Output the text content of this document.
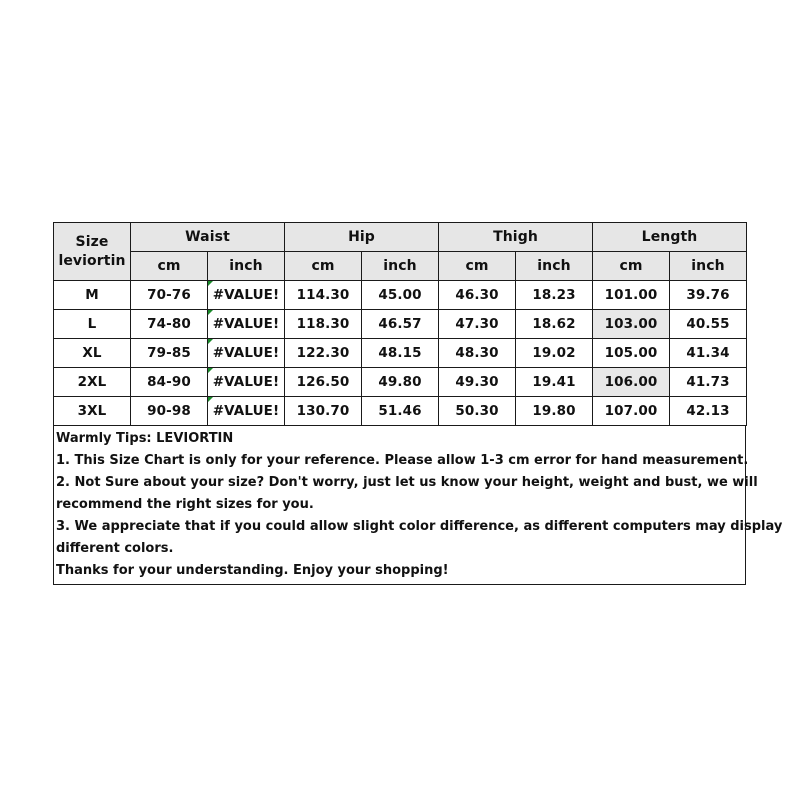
Size
leviortin	Waist		Hip		Thigh		Length	
	cm	inch	cm	inch	cm	inch	cm	inch
M	70-76	#VALUE!	114.30	45.00	46.30	18.23	101.00	39.76
L	74-80	#VALUE!	118.30	46.57	47.30	18.62	103.00	40.55
XL	79-85	#VALUE!	122.30	48.15	48.30	19.02	105.00	41.34
2XL	84-90	#VALUE!	126.50	49.80	49.30	19.41	106.00	41.73
3XL	90-98	#VALUE!	130.70	51.46	50.30	19.80	107.00	42.13
Warmly Tips: LEVIORTIN
1. This Size Chart is only for your reference. Please allow 1-3 cm error for hand measurement.
2. Not Sure about your size? Don't worry, just let us know your height, weight and bust, we will
recommend the right sizes for you.
3. We appreciate that if you could allow slight color difference, as different computers may display
different colors.
Thanks for your understanding. Enjoy your shopping!
